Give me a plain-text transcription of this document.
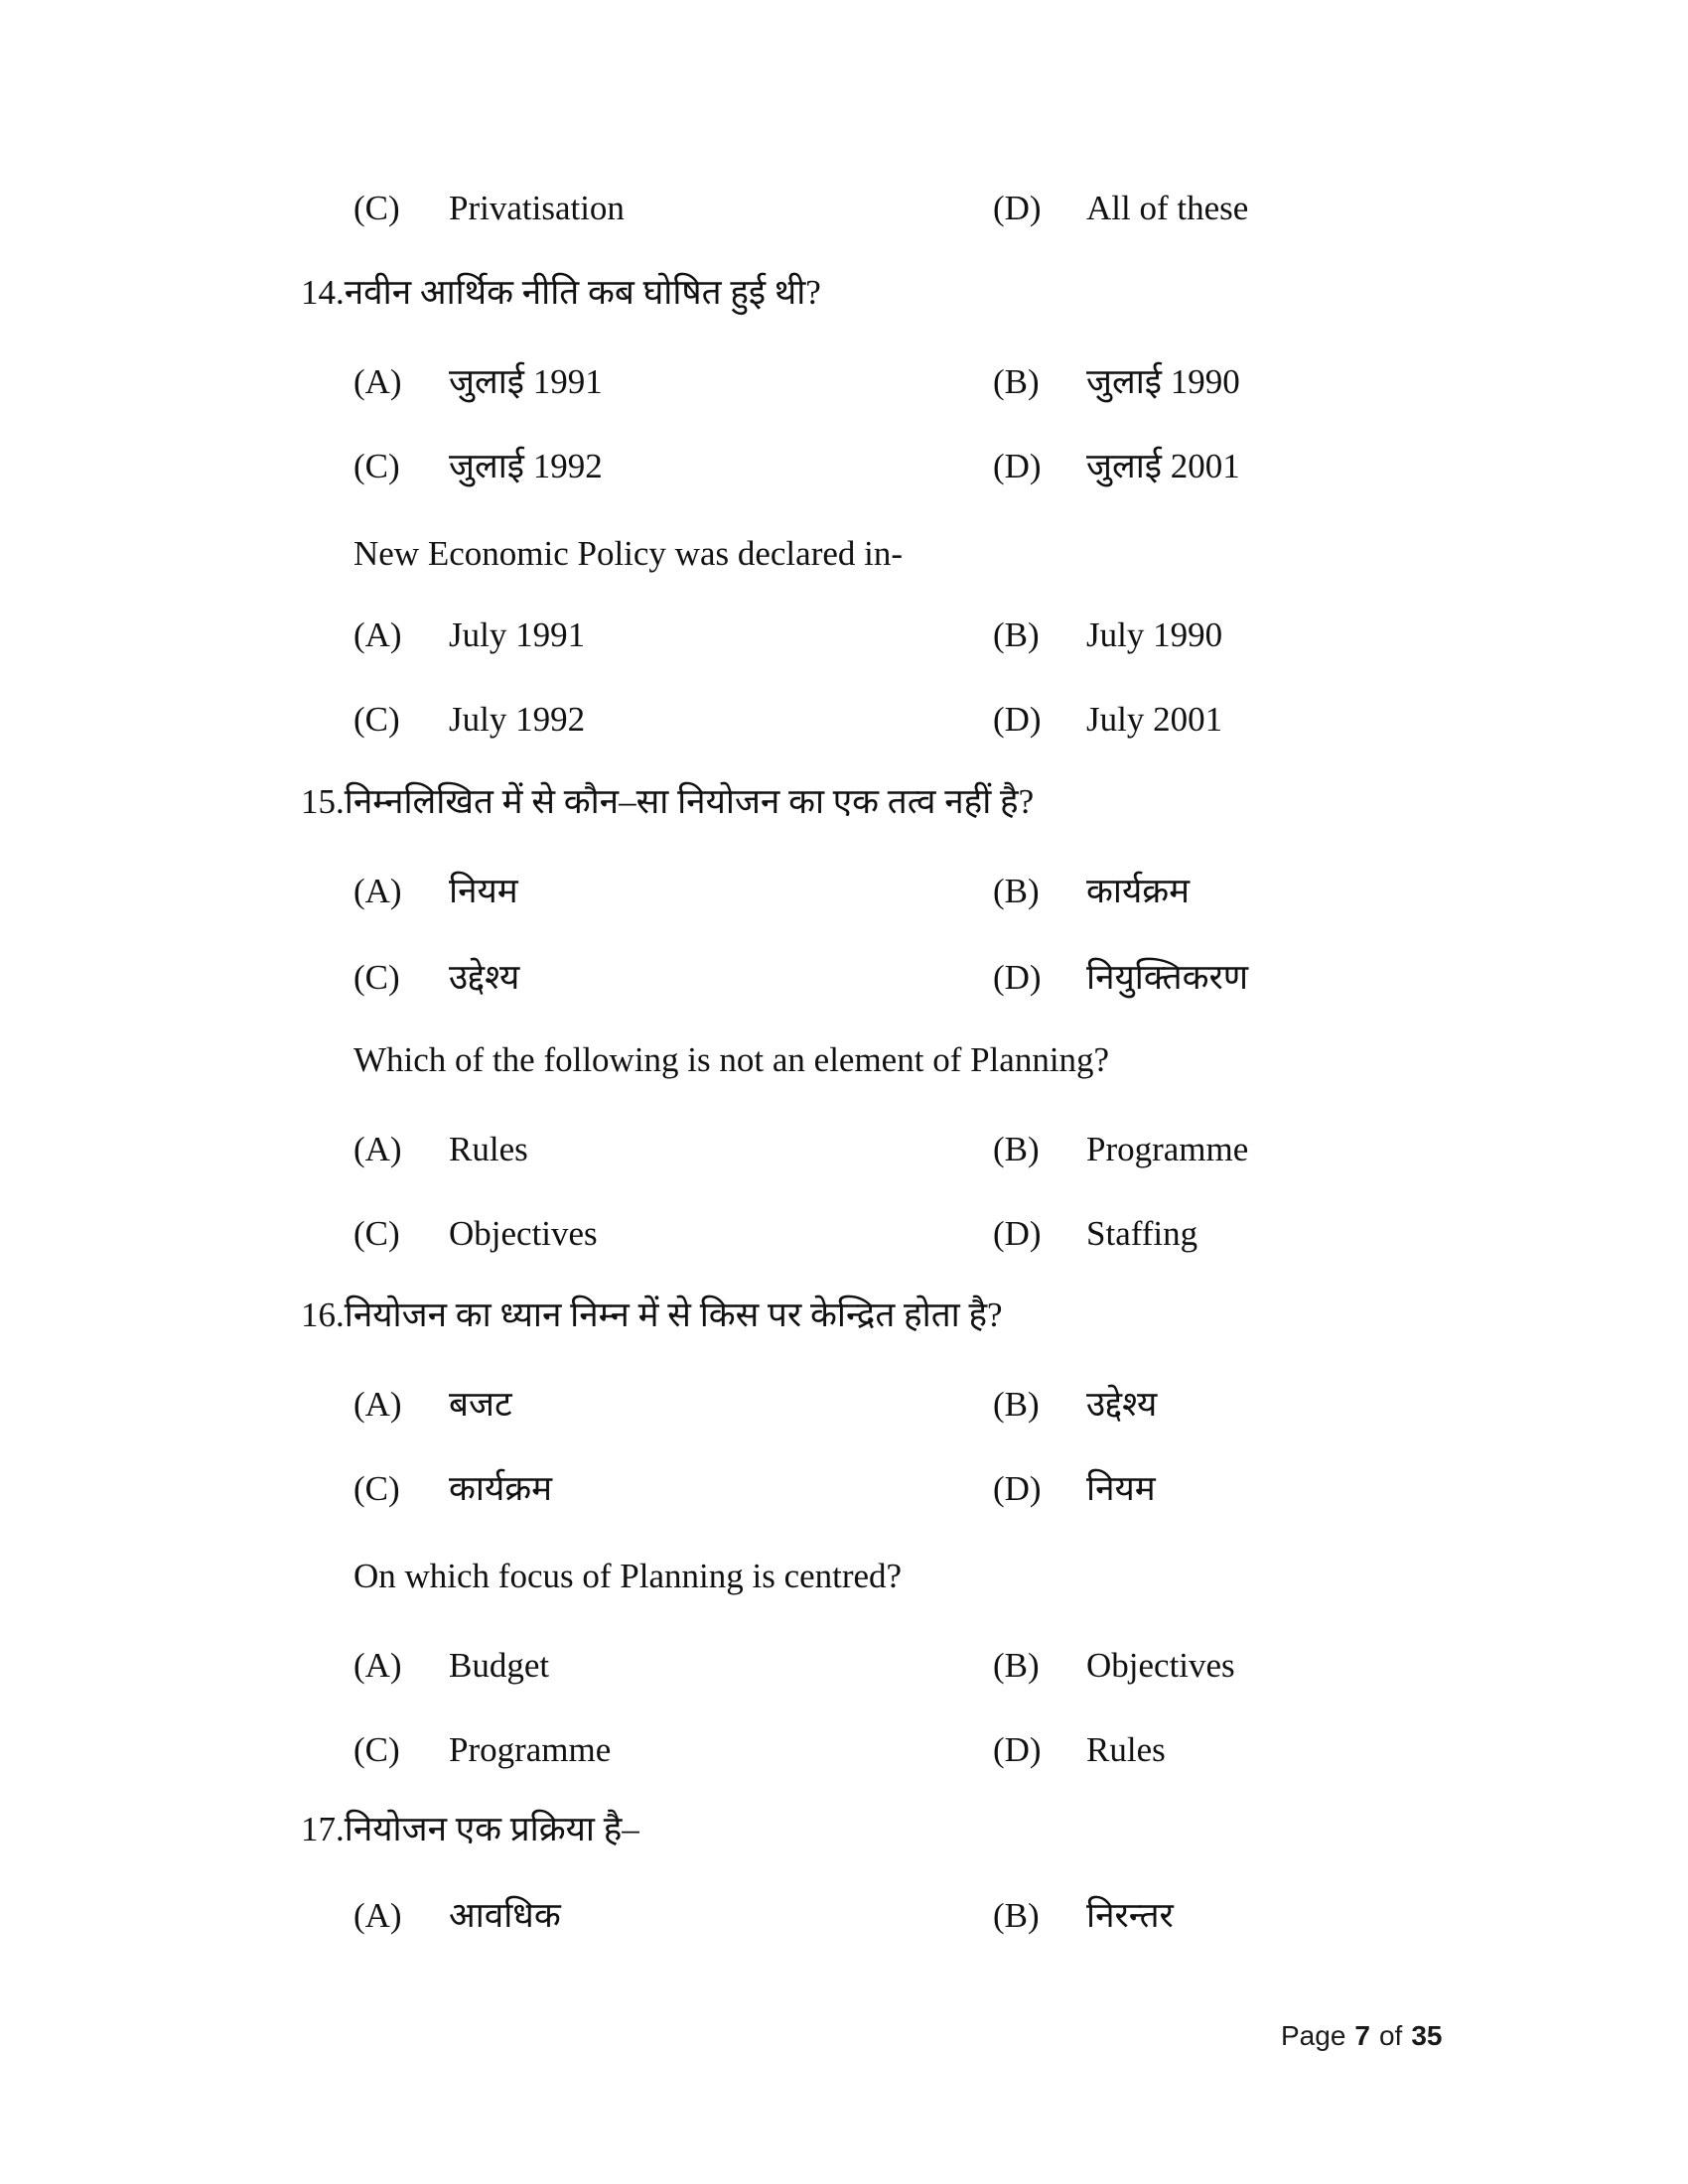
(C) Privatisation	(D) All of these
14.नवीन आर्थिक नीति कब घोषित हुई थी?
(A) जुलाई 1991	(B) जुलाई 1990
(C) जुलाई 1992	(D) जुलाई 2001
New Economic Policy was declared in-
(A) July 1991	(B) July 1990
(C) July 1992	(D) July 2001
15.निम्नलिखित में से कौन–सा नियोजन का एक तत्व नहीं है?
(A) नियम	(B) कार्यक्रम
(C) उद्देश्य	(D) नियुक्तिकरण
Which of the following is not an element of Planning?
(A) Rules	(B) Programme
(C) Objectives	(D) Staffing
16.नियोजन का ध्यान निम्न में से किस पर केन्द्रित होता है?
(A) बजट	(B) उद्देश्य
(C) कार्यक्रम	(D) नियम
On which focus of Planning is centred?
(A) Budget	(B) Objectives
(C) Programme	(D) Rules
17.नियोजन एक प्रक्रिया है–
(A) आवधिक	(B) निरन्तर
Page 7 of 35
